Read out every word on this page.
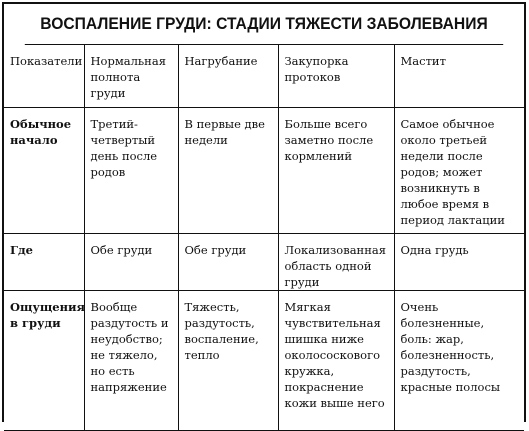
ВОСПАЛЕНИЕ ГРУДИ: СТАДИИ ТЯЖЕСТИ ЗАБОЛЕВАНИЯ
Показатели	Нормальная полнота груди	Нагрубание	Закупорка протоков	Мастит
Обычное начало	Третий-четвертый день после родов	В первые две недели	Больше всего заметно после кормлений	Самое обычное около третьей недели после родов; может возникнуть в любое время в период лактации
Где	Обе груди	Обе груди	Локализованная область одной груди	Одна грудь
Ощущения в груди	Вообще раздутость и неудобство; не тяжело, но есть напряжение	Тяжесть, раздутость, воспаление, тепло	Мягкая чувствительная шишка ниже околососкового кружка, покраснение кожи выше него	Очень болезненные, боль: жар, болезненность, раздутость, красные полосы
